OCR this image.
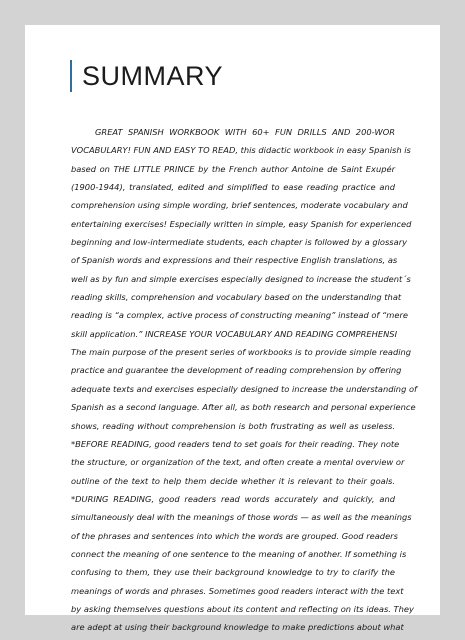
SUMMARY
GREAT SPANISH WORKBOOK WITH 60+ FUN DRILLS AND 200-WOR
VOCABULARY! FUN AND EASY TO READ, this didactic workbook in easy Spanish is
based on THE LITTLE PRINCE by the French author Antoine de Saint Exupér
(1900-1944), translated, edited and simplified to ease reading practice and
comprehension using simple wording, brief sentences, moderate vocabulary and
entertaining exercises! Especially written in simple, easy Spanish for experienced
beginning and low-intermediate students, each chapter is followed by a glossary
of Spanish words and expressions and their respective English translations, as
well as by fun and simple exercises especially designed to increase the student´s
reading skills, comprehension and vocabulary based on the understanding that
reading is “a complex, active process of constructing meaning” instead of “mere
skill application.” INCREASE YOUR VOCABULARY AND READING COMPREHENSI
The main purpose of the present series of workbooks is to provide simple reading
practice and guarantee the development of reading comprehension by offering
adequate texts and exercises especially designed to increase the understanding of
Spanish as a second language. After all, as both research and personal experience
shows, reading without comprehension is both frustrating as well as useless.
*BEFORE READING, good readers tend to set goals for their reading. They note
the structure, or organization of the text, and often create a mental overview or
outline of the text to help them decide whether it is relevant to their goals.
*DURING READING, good readers read words accurately and quickly, and
simultaneously deal with the meanings of those words — as well as the meanings
of the phrases and sentences into which the words are grouped. Good readers
connect the meaning of one sentence to the meaning of another. If something is
confusing to them, they use their background knowledge to try to clarify the
meanings of words and phrases. Sometimes good readers interact with the text
by asking themselves questions about its content and reflecting on its ideas. They
are adept at using their background knowledge to make predictions about what
